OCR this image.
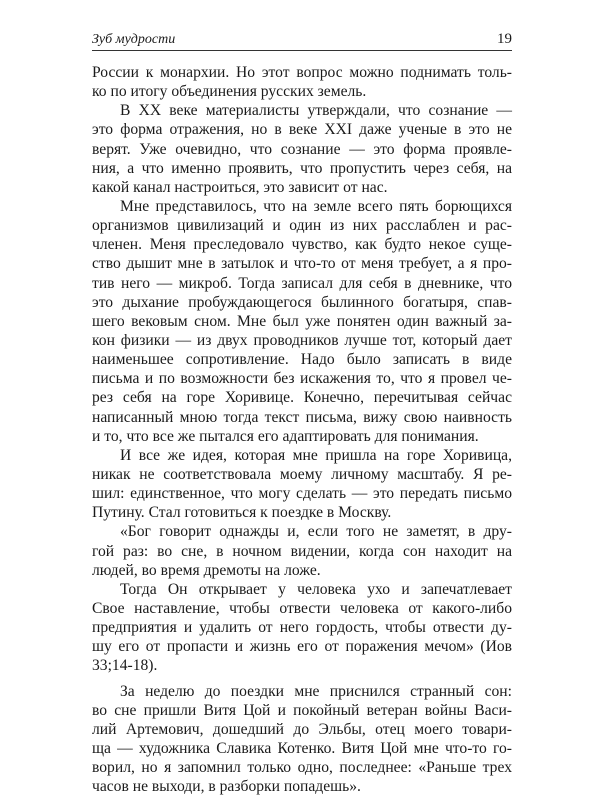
Зуб мудрости	19
России к монархии. Но этот вопрос можно поднимать толь-
ко по итогу объединения русских земель.
В XX веке материалисты утверждали, что сознание —
это форма отражения, но в веке XXI даже ученые в это не
верят. Уже очевидно, что сознание — это форма проявле-
ния, а что именно проявить, что пропустить через себя, на
какой канал настроиться, это зависит от нас.
Мне представилось, что на земле всего пять борющихся
организмов цивилизаций и один из них расслаблен и рас-
членен. Меня преследовало чувство, как будто некое суще-
ство дышит мне в затылок и что-то от меня требует, а я про-
тив него — микроб. Тогда записал для себя в дневнике, что
это дыхание пробуждающегося былинного богатыря, спав-
шего вековым сном. Мне был уже понятен один важный за-
кон физики — из двух проводников лучше тот, который дает
наименьшее сопротивление. Надо было записать в виде
письма и по возможности без искажения то, что я провел че-
рез себя на горе Хоривице. Конечно, перечитывая сейчас
написанный мною тогда текст письма, вижу свою наивность
и то, что все же пытался его адаптировать для понимания.
И все же идея, которая мне пришла на горе Хоривица,
никак не соответствовала моему личному масштабу. Я ре-
шил: единственное, что могу сделать — это передать письмо
Путину. Стал готовиться к поездке в Москву.
«Бог говорит однажды и, если того не заметят, в дру-
гой раз: во сне, в ночном видении, когда сон находит на
людей, во время дремоты на ложе.
Тогда Он открывает у человека ухо и запечатлевает
Свое наставление, чтобы отвести человека от какого-либо
предприятия и удалить от него гордость, чтобы отвести ду-
шу его от пропасти и жизнь его от поражения мечом» (Иов
33;14-18).
За неделю до поездки мне приснился странный сон:
во сне пришли Витя Цой и покойный ветеран войны Васи-
лий Артемович, дошедший до Эльбы, отец моего товари-
ща — художника Славика Котенко. Витя Цой мне что-то го-
ворил, но я запомнил только одно, последнее: «Раньше трех
часов не выходи, в разборки попадешь».
